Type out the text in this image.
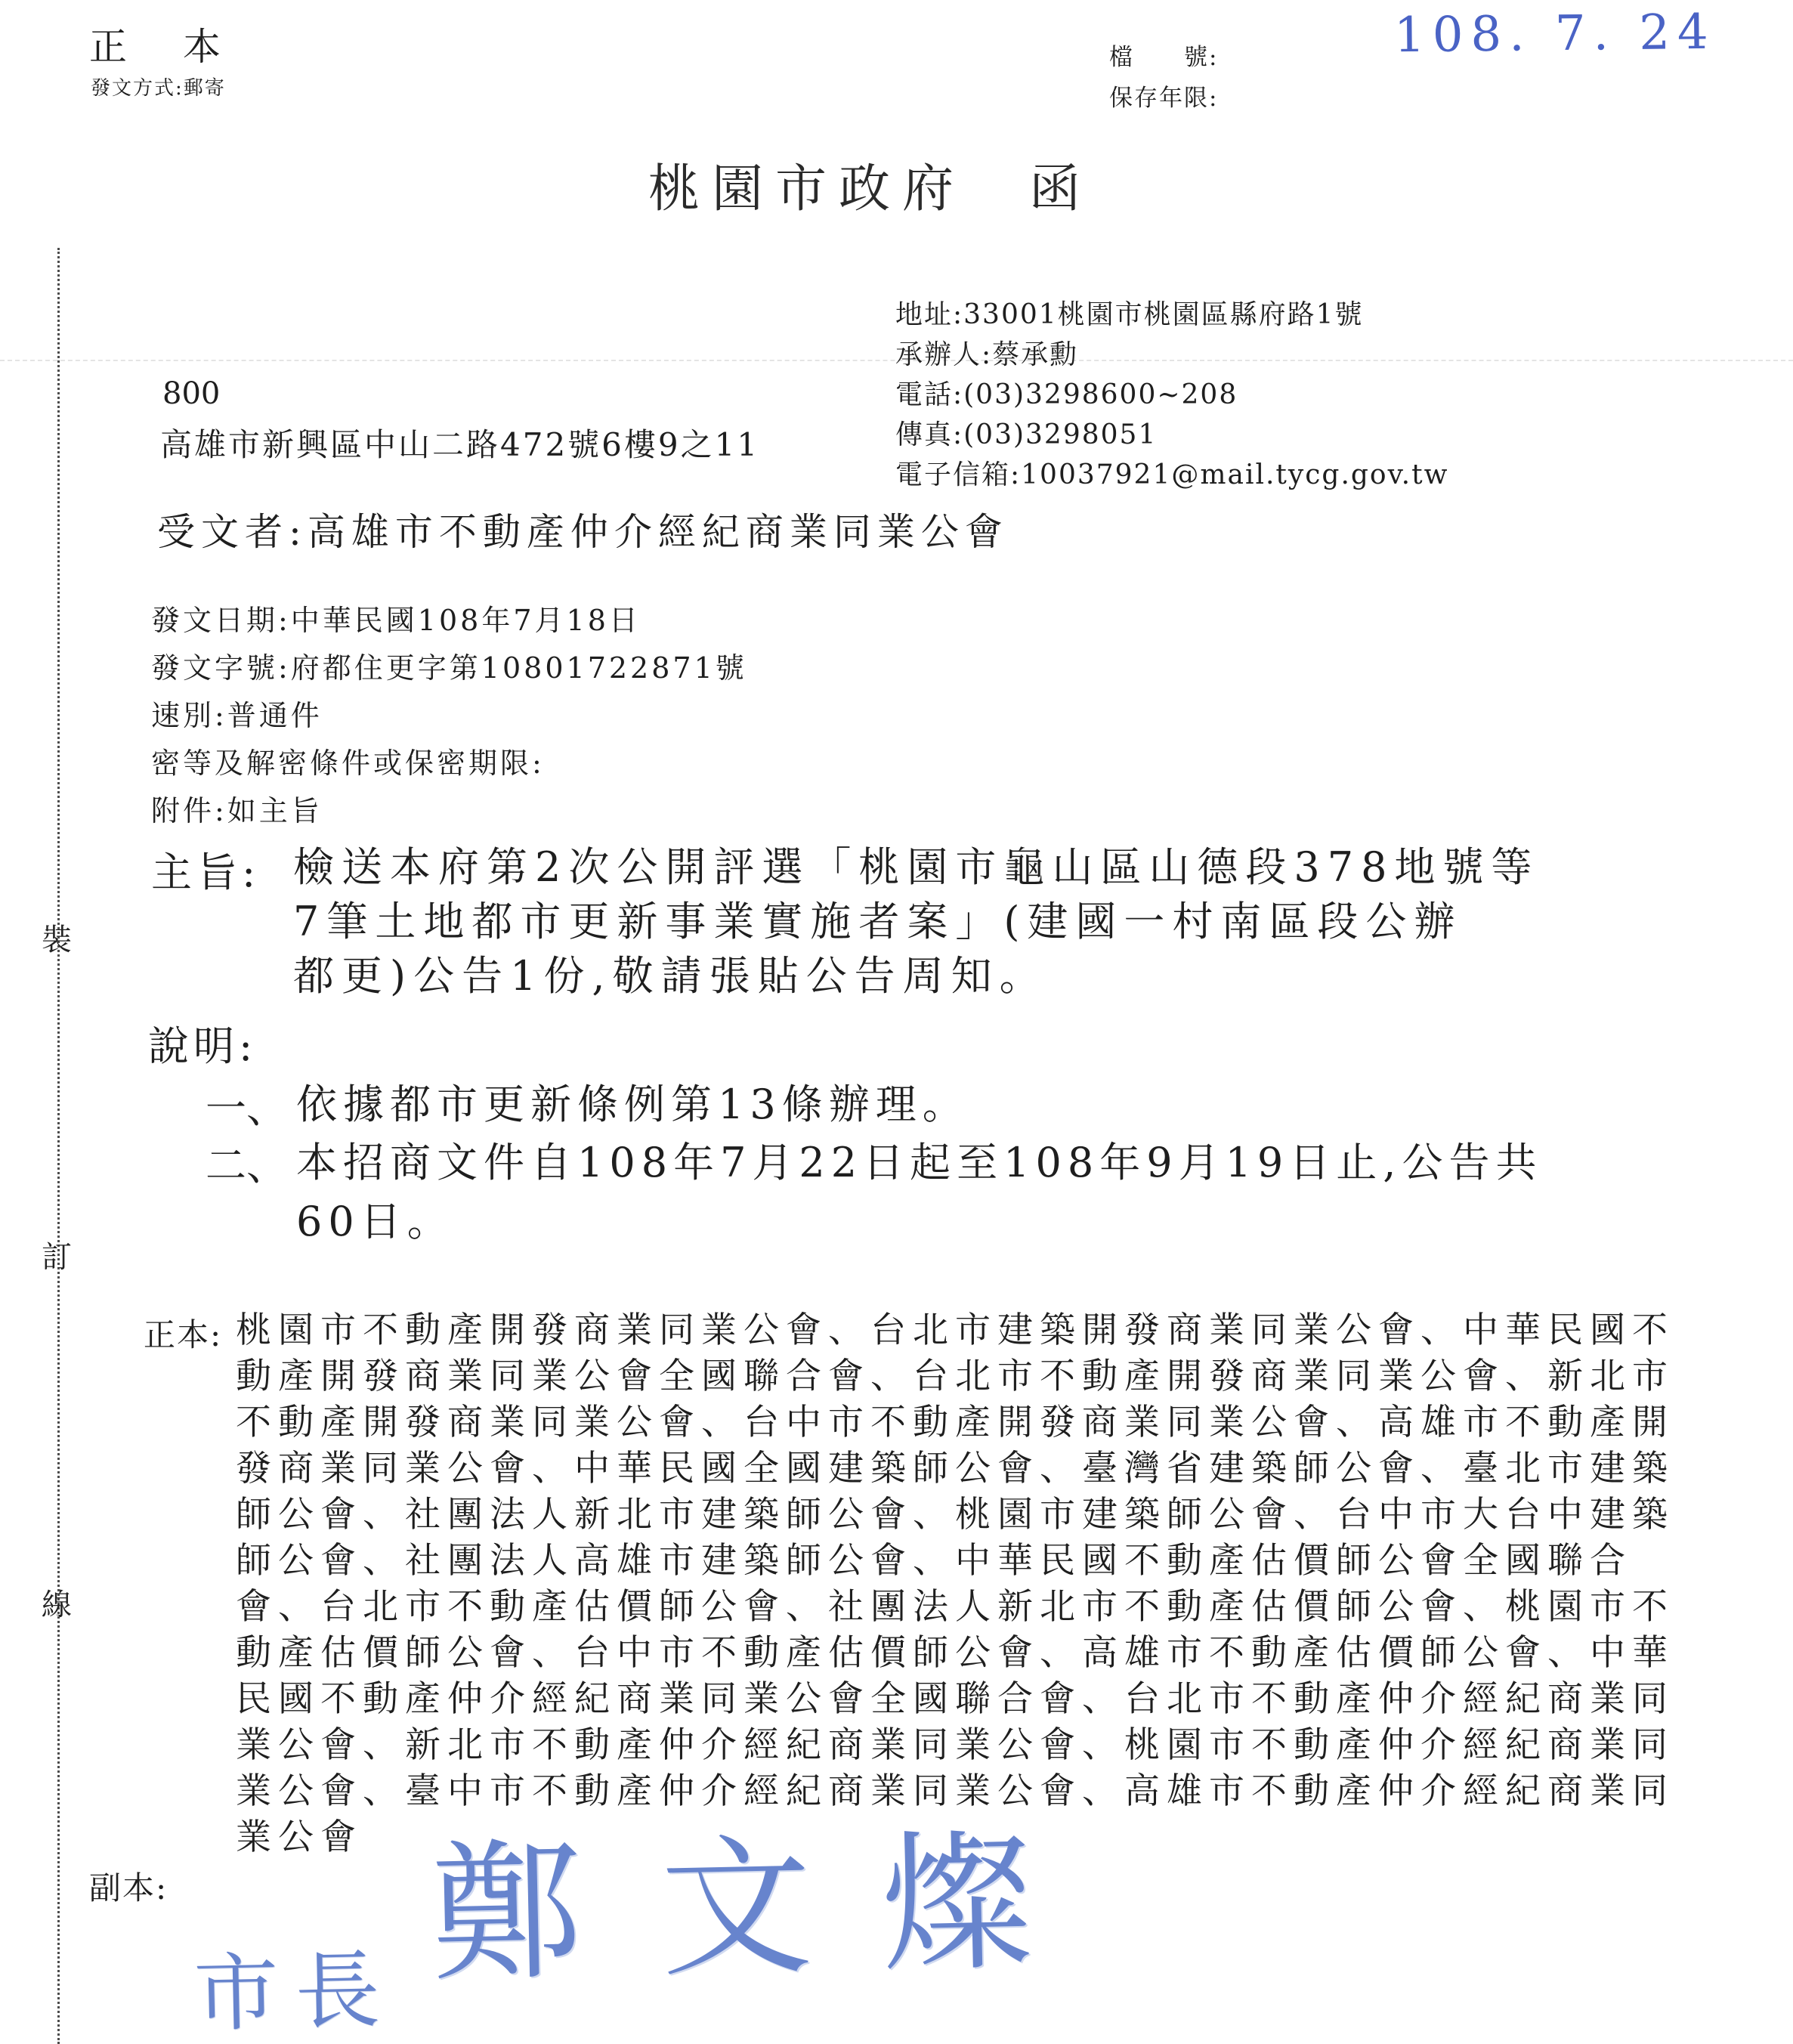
裝
訂
線
正　本
發文方式:郵寄
檔　　號:
保存年限:
108. 7. 24
桃園市政府　函
地址:33001桃園市桃園區縣府路1號
承辦人:蔡承勳
電話:(03)3298600~208
傳真:(03)3298051
電子信箱:10037921@mail.tycg.gov.tw
800
高雄市新興區中山二路472號6樓9之11
受文者:高雄市不動產仲介經紀商業同業公會
發文日期:中華民國108年7月18日
發文字號:府都住更字第10801722871號
速別:普通件
密等及解密條件或保密期限:
附件:如主旨
主旨: 檢送本府第2次公開評選「桃園市龜山區山德段378地號等
7筆土地都市更新事業實施者案」(建國一村南區段公辦
都更)公告1份,敬請張貼公告周知。
說明:
一、 依據都市更新條例第13條辦理。
二、 本招商文件自108年7月22日起至108年9月19日止,公告共
60日。
正本: 桃園市不動產開發商業同業公會、台北市建築開發商業同業公會、中華民國不
動產開發商業同業公會全國聯合會、台北市不動產開發商業同業公會、新北市
不動產開發商業同業公會、台中市不動產開發商業同業公會、高雄市不動產開
發商業同業公會、中華民國全國建築師公會、臺灣省建築師公會、臺北市建築
師公會、社團法人新北市建築師公會、桃園市建築師公會、台中市大台中建築
師公會、社團法人高雄市建築師公會、中華民國不動產估價師公會全國聯合
會、台北市不動產估價師公會、社團法人新北市不動產估價師公會、桃園市不
動產估價師公會、台中市不動產估價師公會、高雄市不動產估價師公會、中華
民國不動產仲介經紀商業同業公會全國聯合會、台北市不動產仲介經紀商業同
業公會、新北市不動產仲介經紀商業同業公會、桃園市不動產仲介經紀商業同
業公會、臺中市不動產仲介經紀商業同業公會、高雄市不動產仲介經紀商業同
業公會
副本:
市長 鄭 文 燦
